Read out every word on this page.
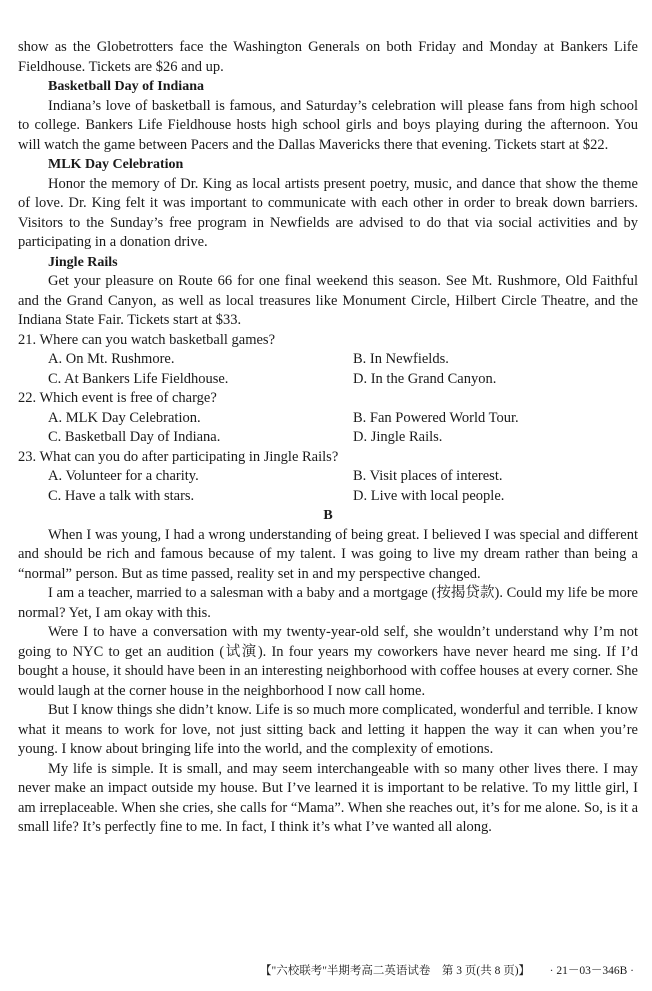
show as the Globetrotters face the Washington Generals on both Friday and Monday at Bankers Life Fieldhouse. Tickets are $26 and up.

Basketball Day of Indiana

Indiana’s love of basketball is famous, and Saturday’s celebration will please fans from high school to college. Bankers Life Fieldhouse hosts high school girls and boys playing during the afternoon. You will watch the game between Pacers and the Dallas Mavericks there that evening. Tickets start at $22.

MLK Day Celebration

Honor the memory of Dr. King as local artists present poetry, music, and dance that show the theme of love. Dr. King felt it was important to communicate with each other in order to break down barriers. Visitors to the Sunday’s free program in Newfields are advised to do that via social activities and by participating in a donation drive.

Jingle Rails

Get your pleasure on Route 66 for one final weekend this season. See Mt. Rushmore, Old Faithful and the Grand Canyon, as well as local treasures like Monument Circle, Hilbert Circle Theatre, and the Indiana State Fair. Tickets start at $33.

21. Where can you watch basketball games?
A. On Mt. Rushmore.	B. In Newfields.
C. At Bankers Life Fieldhouse.	D. In the Grand Canyon.
22. Which event is free of charge?
A. MLK Day Celebration.	B. Fan Powered World Tour.
C. Basketball Day of Indiana.	D. Jingle Rails.
23. What can you do after participating in Jingle Rails?
A. Volunteer for a charity.	B. Visit places of interest.
C. Have a talk with stars.	D. Live with local people.
B

When I was young, I had a wrong understanding of being great. I believed I was special and different and should be rich and famous because of my talent. I was going to live my dream rather than being a “normal” person. But as time passed, reality set in and my perspective changed.

I am a teacher, married to a salesman with a baby and a mortgage (按揭贷款). Could my life be more normal? Yet, I am okay with this.

Were I to have a conversation with my twenty-year-old self, she wouldn’t understand why I’m not going to NYC to get an audition (试演). In four years my coworkers have never heard me sing. If I’d bought a house, it should have been in an interesting neighborhood with coffee houses at every corner. She would laugh at the corner house in the neighborhood I now call home.

But I know things she didn’t know. Life is so much more complicated, wonderful and terrible. I know what it means to work for love, not just sitting back and letting it happen the way it can when you’re young. I know about bringing life into the world, and the complexity of emotions.

My life is simple. It is small, and may seem interchangeable with so many other lives there. I may never make an impact outside my house. But I’ve learned it is important to be relative. To my little girl, I am irreplaceable. When she cries, she calls for “Mama”. When she reaches out, it’s for me alone. So, is it a small life? It’s perfectly fine to me. In fact, I think it’s what I’ve wanted all along.

【"六校联考"半期考高二英语试卷　第 3 页(共 8 页)】 · 21－03－346B ·
